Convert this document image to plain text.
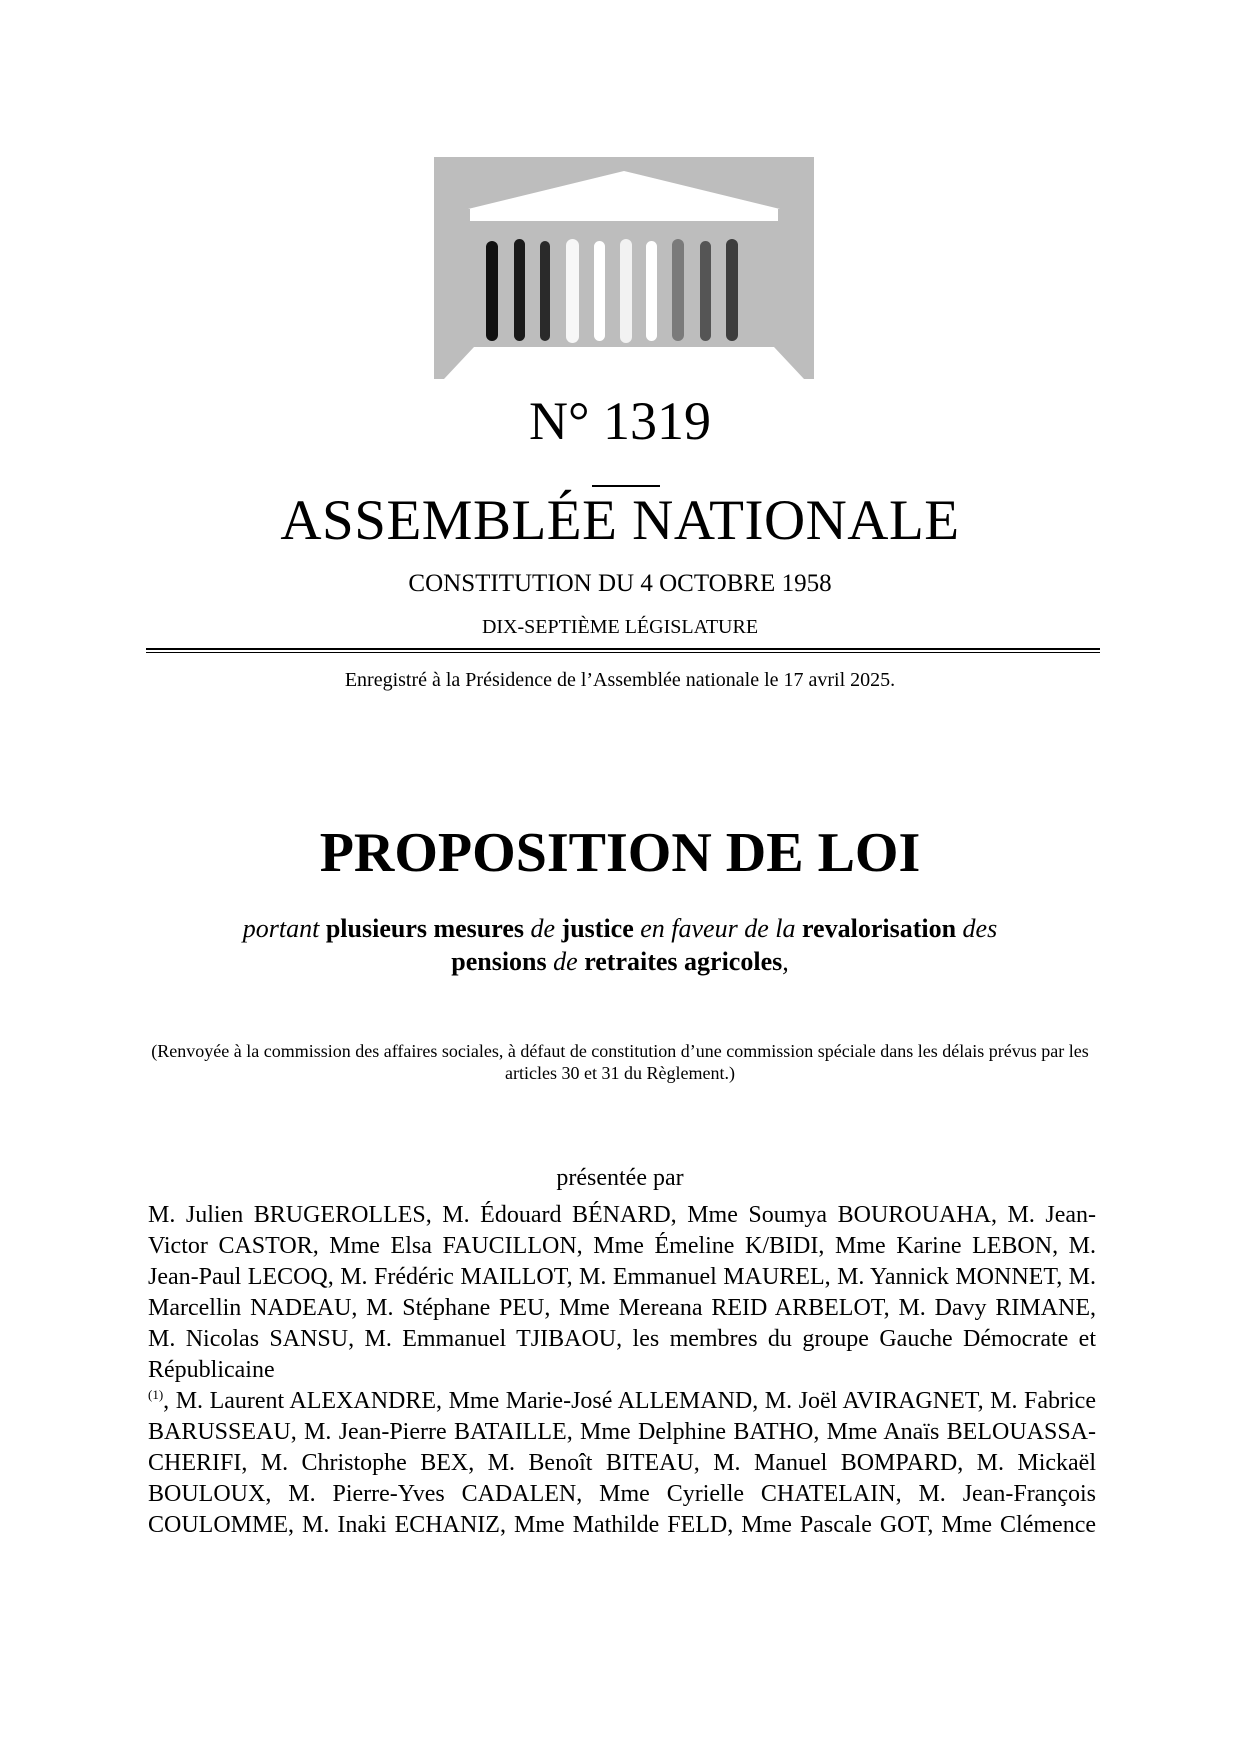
N° 1319
ASSEMBLÉE NATIONALE
CONSTITUTION DU 4 OCTOBRE 1958
DIX-SEPTIÈME LÉGISLATURE
Enregistré à la Présidence de l’Assemblée nationale le 17 avril 2025.
PROPOSITION DE LOI
portant plusieurs mesures de justice en faveur de la revalorisation des
pensions de retraites agricoles,
(Renvoyée à la commission des affaires sociales, à défaut de constitution d’une commission spéciale dans les délais prévus par les articles 30 et 31 du Règlement.)
présentée par
M. Julien BRUGEROLLES, M. Édouard BÉNARD, Mme Soumya BOUROUAHA, M. Jean-Victor CASTOR, Mme Elsa FAUCILLON, Mme Émeline K/BIDI, Mme Karine LEBON, M. Jean-Paul LECOQ, M. Frédéric MAILLOT, M. Emmanuel MAUREL, M. Yannick MONNET, M. Marcellin NADEAU, M. Stéphane PEU, Mme Mereana REID ARBELOT, M. Davy RIMANE, M. Nicolas SANSU, M. Emmanuel TJIBAOU, les membres du groupe Gauche Démocrate et Républicaine
$^{(1)}$, M. Laurent ALEXANDRE, Mme Marie-José ALLEMAND, M. Joël AVIRAGNET, M. Fabrice BARUSSEAU, M. Jean-Pierre BATAILLE, Mme Delphine BATHO, Mme Anaïs BELOUASSA-CHERIFI, M. Christophe BEX, M. Benoît BITEAU, M. Manuel BOMPARD, M. Mickaël BOULOUX, M. Pierre-Yves CADALEN, Mme Cyrielle CHATELAIN, M. Jean-François COULOMME, M. Inaki ECHANIZ, Mme Mathilde FELD, Mme Pascale GOT, Mme Clémence
